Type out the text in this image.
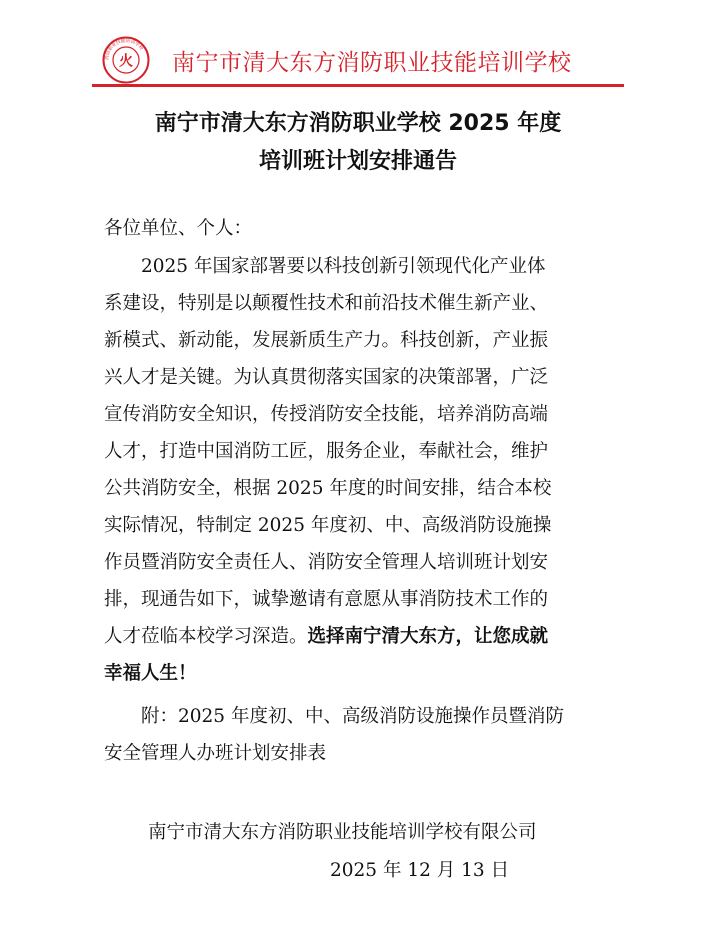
消防职业技能培训学校
火 南宁市清大东方消防职业技能培训学校
南宁市清大东方消防职业学校 2025 年度
培训班计划安排通告
各位单位、个人：
　　2025 年国家部署要以科技创新引领现代化产业体
系建设，特别是以颠覆性技术和前沿技术催生新产业、
新模式、新动能，发展新质生产力。科技创新，产业振
兴人才是关键。为认真贯彻落实国家的决策部署，广泛
宣传消防安全知识，传授消防安全技能，培养消防高端
人才，打造中国消防工匠，服务企业，奉献社会，维护
公共消防安全，根据 2025 年度的时间安排，结合本校
实际情况，特制定 2025 年度初、中、高级消防设施操
作员暨消防安全责任人、消防安全管理人培训班计划安
排，现通告如下，诚挚邀请有意愿从事消防技术工作的
人才莅临本校学习深造。选择南宁清大东方，让您成就
幸福人生！
　　附：2025 年度初、中、高级消防设施操作员暨消防
安全管理人办班计划安排表
南宁市清大东方消防职业技能培训学校有限公司
2025 年 12 月 13 日
